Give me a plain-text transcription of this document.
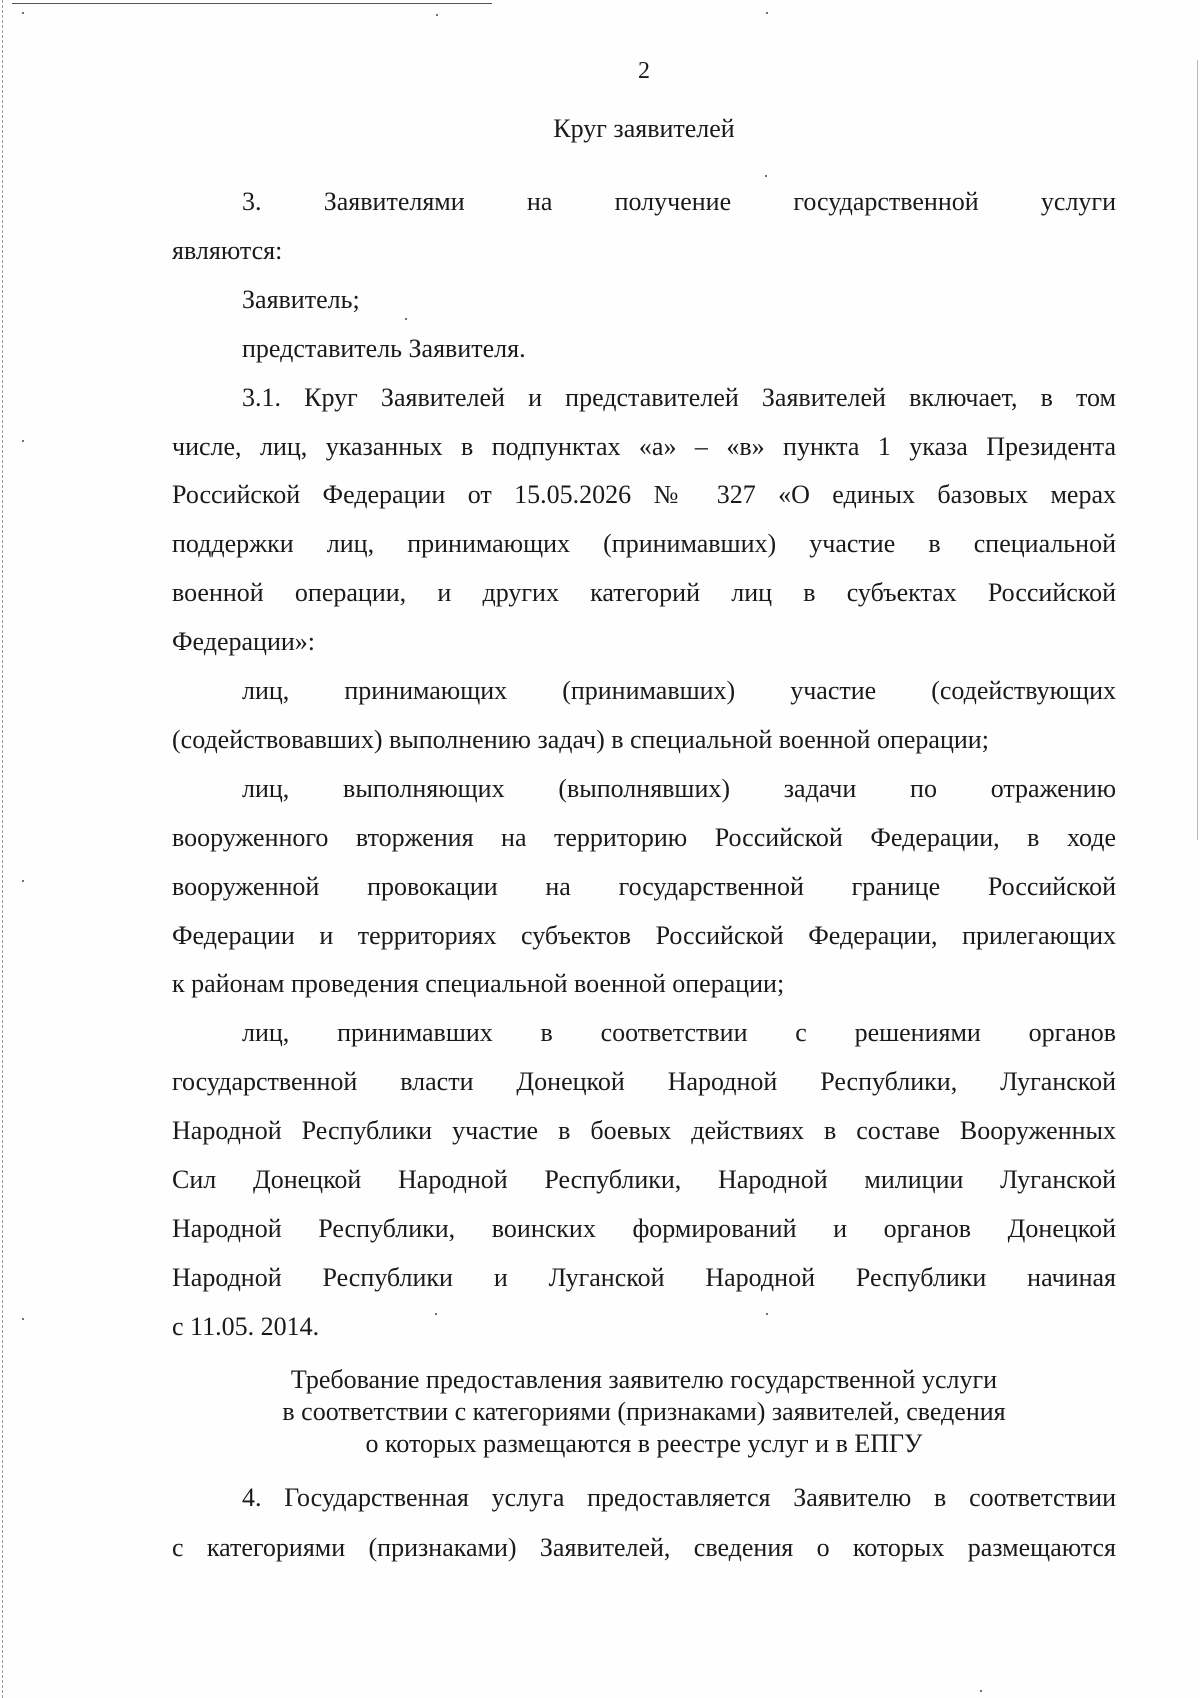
2
Круг заявителей
3. Заявителями на получение государственной услуги
являются:
Заявитель;
представитель Заявителя.
3.1. Круг Заявителей и представителей Заявителей включает, в том
числе, лиц, указанных в подпунктах «а» – «в» пункта 1 указа Президента
Российской Федерации от 15.05.2026 № 327 «О единых базовых мерах
поддержки лиц, принимающих (принимавших) участие в специальной
военной операции, и других категорий лиц в субъектах Российской
Федерации»:
лиц, принимающих (принимавших) участие (содействующих
(содействовавших) выполнению задач) в специальной военной операции;
лиц, выполняющих (выполнявших) задачи по отражению
вооруженного вторжения на территорию Российской Федерации, в ходе
вооруженной провокации на государственной границе Российской
Федерации и территориях субъектов Российской Федерации, прилегающих
к районам проведения специальной военной операции;
лиц, принимавших в соответствии с решениями органов
государственной власти Донецкой Народной Республики, Луганской
Народной Республики участие в боевых действиях в составе Вооруженных
Сил Донецкой Народной Республики, Народной милиции Луганской
Народной Республики, воинских формирований и органов Донецкой
Народной Республики и Луганской Народной Республики начиная
с 11.05. 2014.
Требование предоставления заявителю государственной услуги
в соответствии с категориями (признаками) заявителей, сведения
о которых размещаются в реестре услуг и в ЕПГУ
4. Государственная услуга предоставляется Заявителю в соответствии
с категориями (признаками) Заявителей, сведения о которых размещаются
